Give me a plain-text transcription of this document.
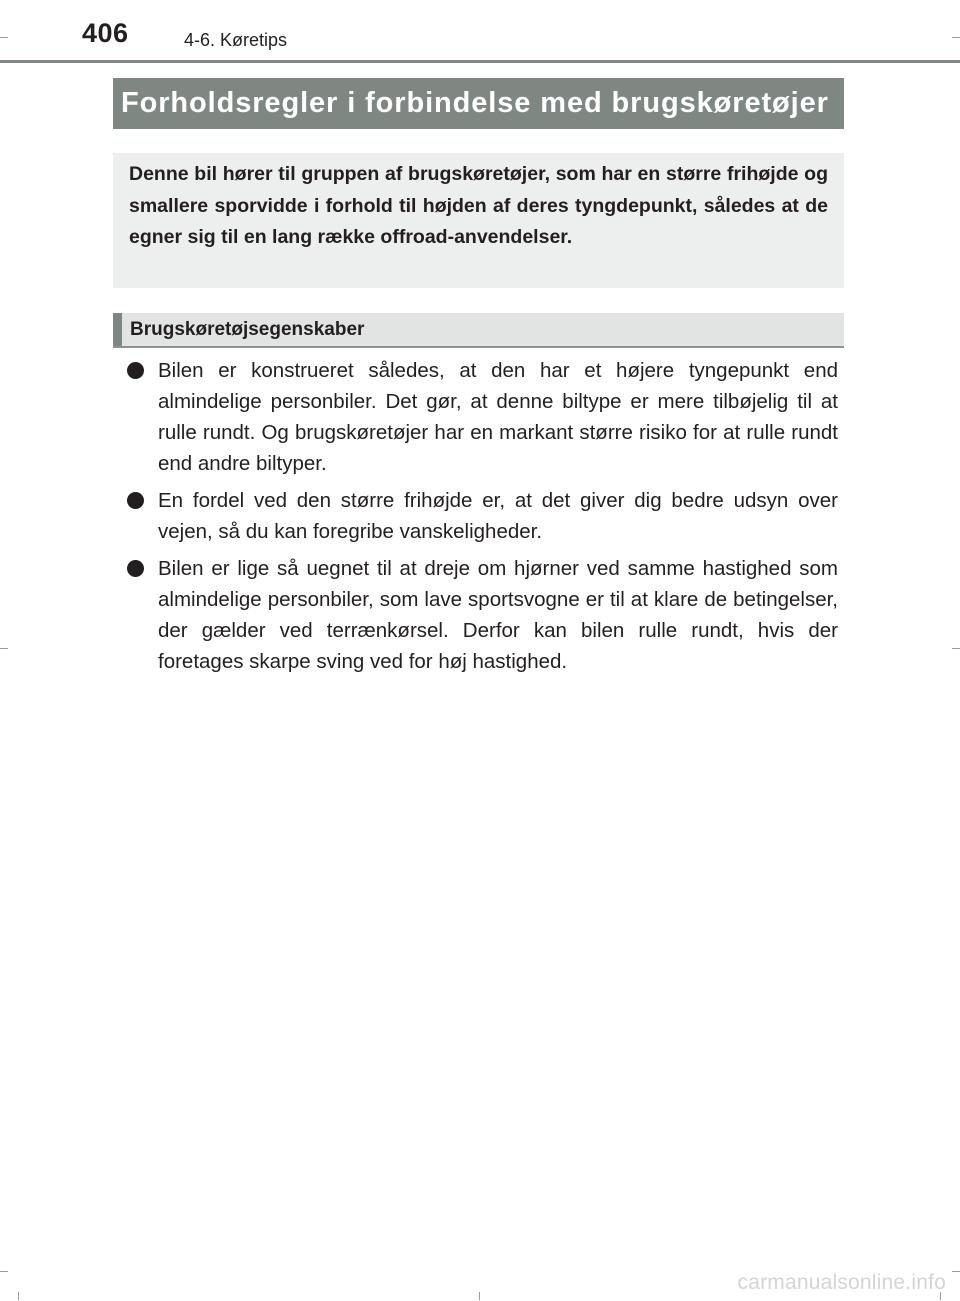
406	4-6. Køretips
Forholdsregler i forbindelse med brugskøretøjer
Denne bil hører til gruppen af brugskøretøjer, som har en større frihøjde og smallere sporvidde i forhold til højden af deres tyngdepunkt, således at de egner sig til en lang række offroad-anvendelser.
Brugskøretøjsegenskaber
Bilen er konstrueret således, at den har et højere tyngepunkt end almindelige personbiler. Det gør, at denne biltype er mere tilbøjelig til at rulle rundt. Og brugskøretøjer har en markant større risiko for at rulle rundt end andre biltyper.
En fordel ved den større frihøjde er, at det giver dig bedre udsyn over vejen, så du kan foregribe vanskeligheder.
Bilen er lige så uegnet til at dreje om hjørner ved samme hastighed som almindelige personbiler, som lave sportsvogne er til at klare de betingelser, der gælder ved terrænkørsel. Derfor kan bilen rulle rundt, hvis der foretages skarpe sving ved for høj hastighed.
carmanualsonline.info
